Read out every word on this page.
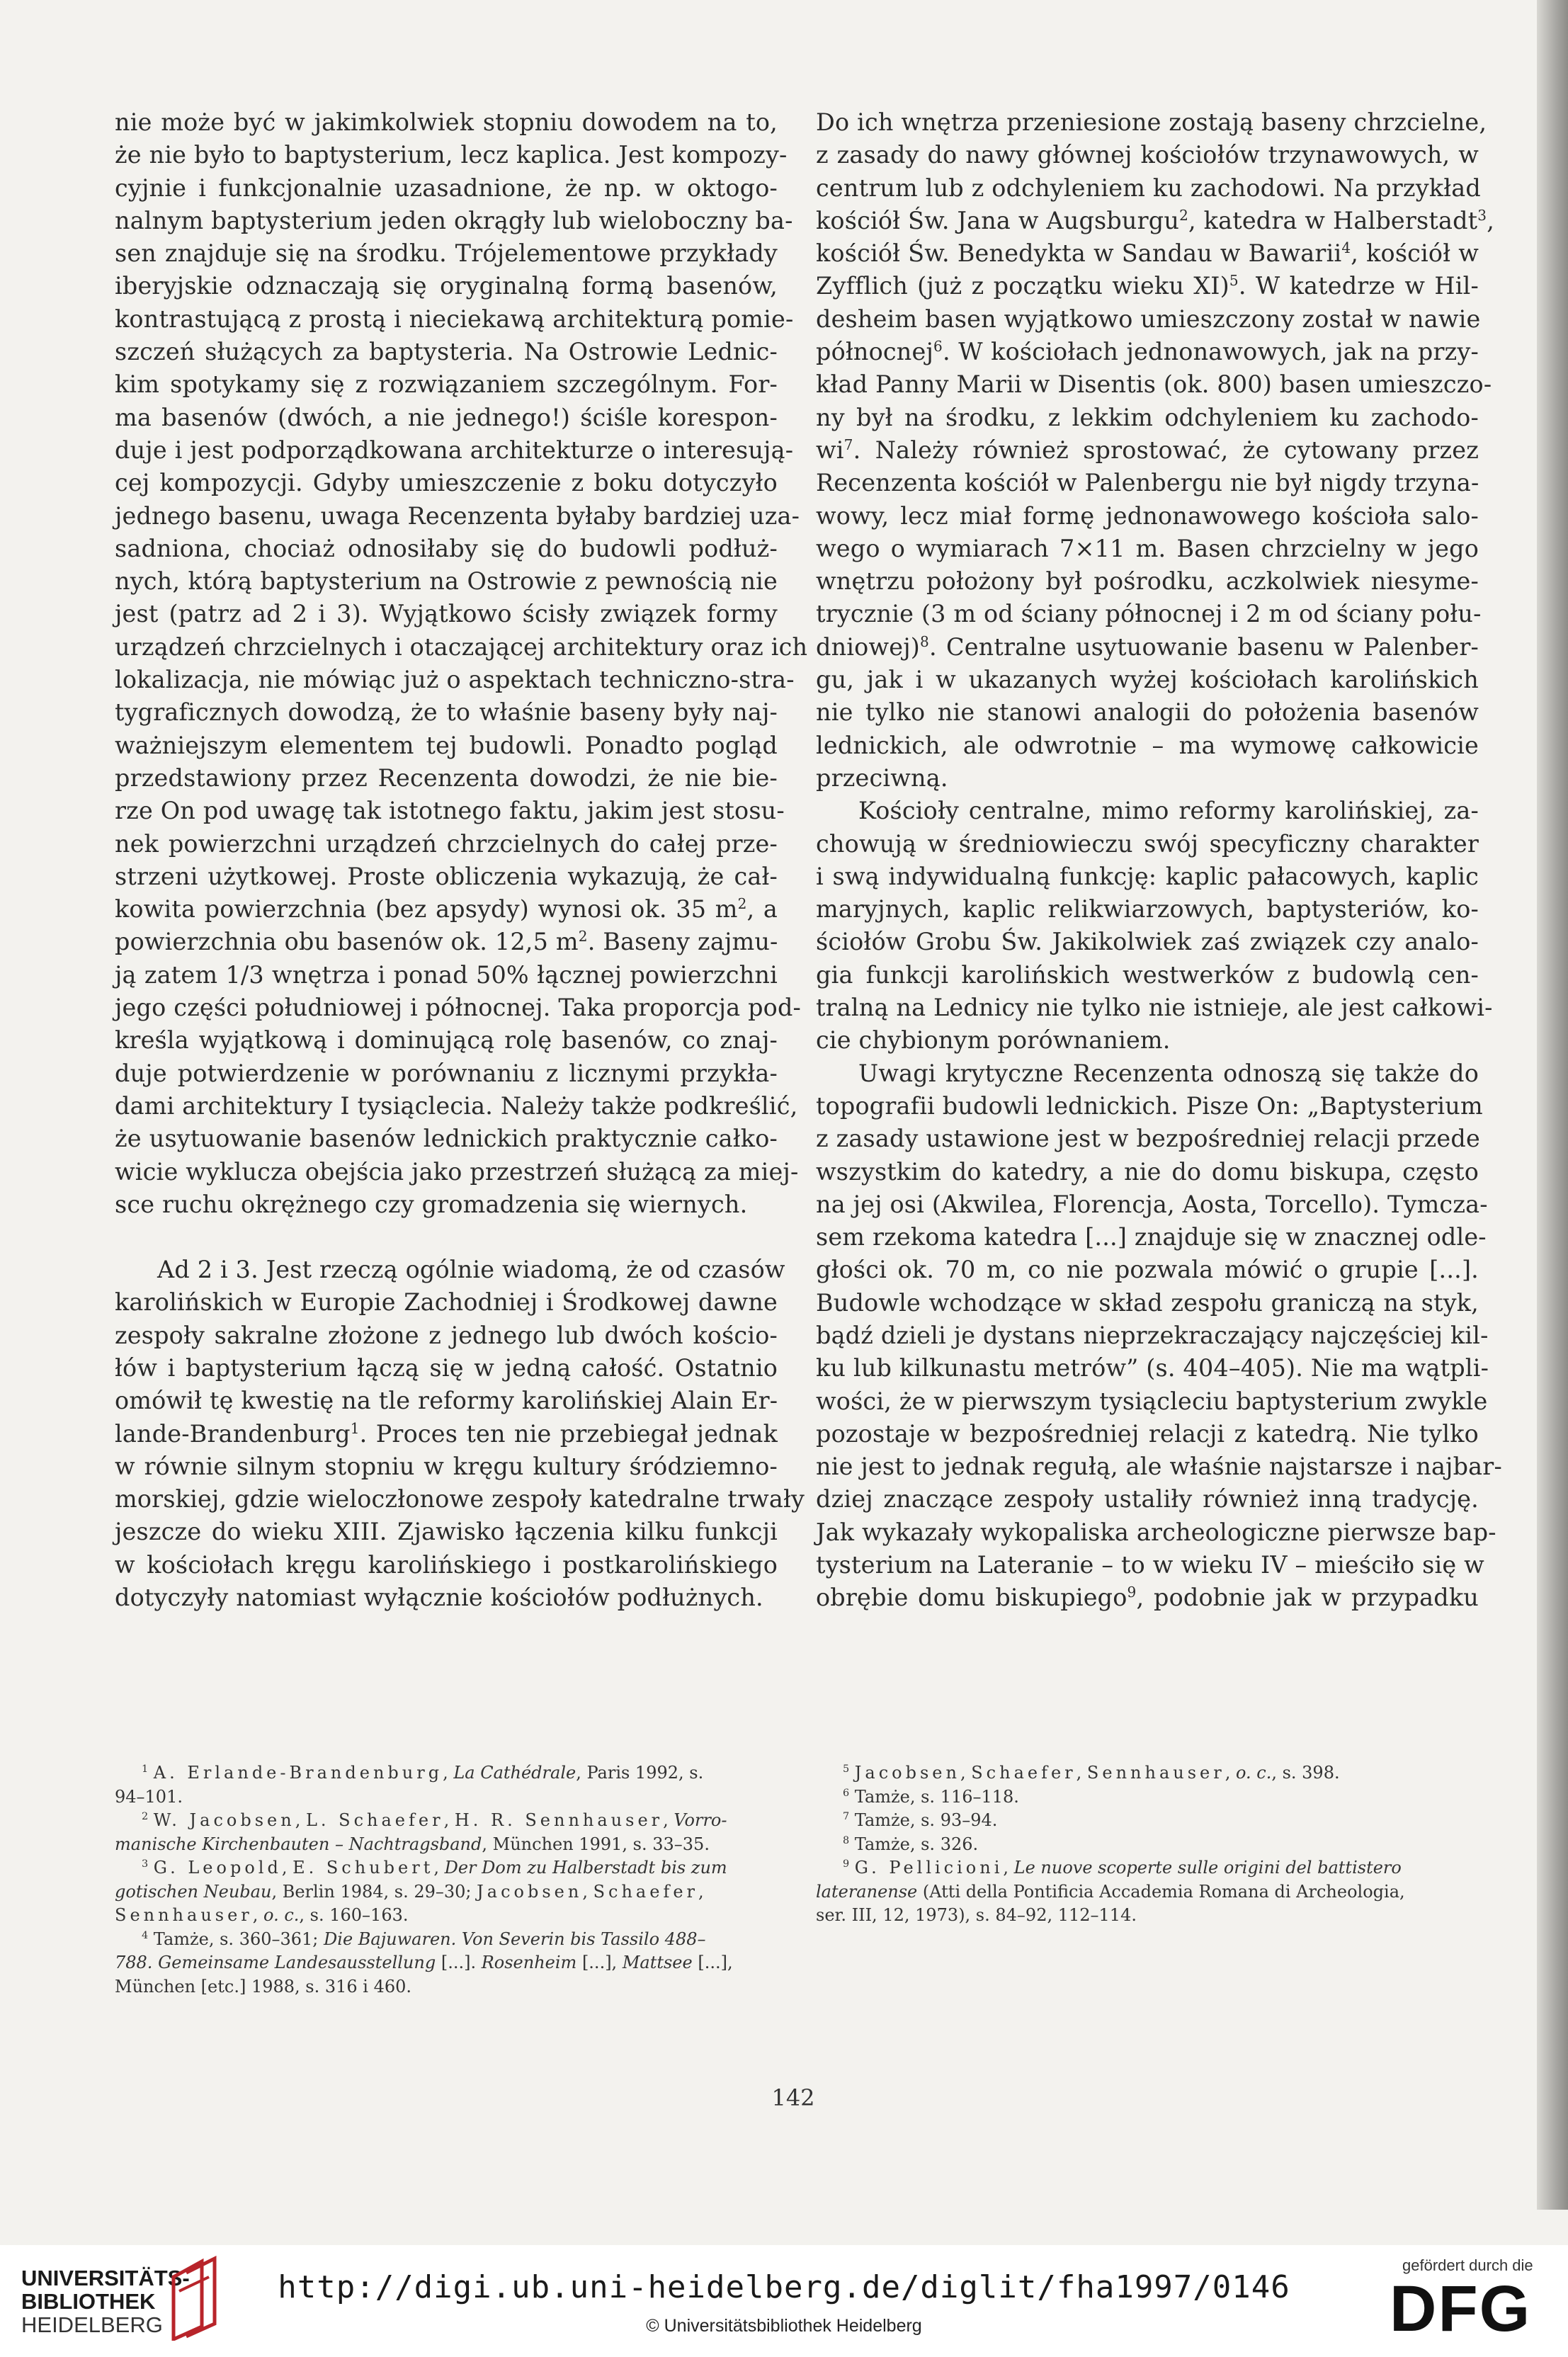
nie może być w jakimkolwiek stopniu dowodem na to,
że nie było to baptysterium, lecz kaplica. Jest kompozy-
cyjnie i funkcjonalnie uzasadnione, że np. w oktogo-
nalnym baptysterium jeden okrągły lub wieloboczny ba-
sen znajduje się na środku. Trójelementowe przykłady
iberyjskie odznaczają się oryginalną formą basenów,
kontrastującą z prostą i nieciekawą architekturą pomie-
szczeń służących za baptysteria. Na Ostrowie Lednic-
kim spotykamy się z rozwiązaniem szczególnym. For-
ma basenów (dwóch, a nie jednego!) ściśle korespon-
duje i jest podporządkowana architekturze o interesują-
cej kompozycji. Gdyby umieszczenie z boku dotyczyło
jednego basenu, uwaga Recenzenta byłaby bardziej uza-
sadniona, chociaż odnosiłaby się do budowli podłuż-
nych, którą baptysterium na Ostrowie z pewnością nie
jest (patrz ad 2 i 3). Wyjątkowo ścisły związek formy
urządzeń chrzcielnych i otaczającej architektury oraz ich
lokalizacja, nie mówiąc już o aspektach techniczno-stra-
tygraficznych dowodzą, że to właśnie baseny były naj-
ważniejszym elementem tej budowli. Ponadto pogląd
przedstawiony przez Recenzenta dowodzi, że nie bie-
rze On pod uwagę tak istotnego faktu, jakim jest stosu-
nek powierzchni urządzeń chrzcielnych do całej prze-
strzeni użytkowej. Proste obliczenia wykazują, że cał-
kowita powierzchnia (bez apsydy) wynosi ok. 35 $m^2$, a
powierzchnia obu basenów ok. 12,5 $m^2$. Baseny zajmu-
ją zatem 1/3 wnętrza i ponad 50% łącznej powierzchni
jego części południowej i północnej. Taka proporcja pod-
kreśla wyjątkową i dominującą rolę basenów, co znaj-
duje potwierdzenie w porównaniu z licznymi przykła-
dami architektury I tysiąclecia. Należy także podkreślić,
że usytuowanie basenów lednickich praktycznie całko-
wicie wyklucza obejścia jako przestrzeń służącą za miej-
sce ruchu okrężnego czy gromadzenia się wiernych.
Ad 2 i 3. Jest rzeczą ogólnie wiadomą, że od czasów
karolińskich w Europie Zachodniej i Środkowej dawne
zespoły sakralne złożone z jednego lub dwóch kościo-
łów i baptysterium łączą się w jedną całość. Ostatnio
omówił tę kwestię na tle reformy karolińskiej Alain Er-
lande-Brandenburg$^1$. Proces ten nie przebiegał jednak
w równie silnym stopniu w kręgu kultury śródziemno-
morskiej, gdzie wieloczłonowe zespoły katedralne trwały
jeszcze do wieku XIII. Zjawisko łączenia kilku funkcji
w kościołach kręgu karolińskiego i postkarolińskiego
dotyczyły natomiast wyłącznie kościołów podłużnych.
Do ich wnętrza przeniesione zostają baseny chrzcielne,
z zasady do nawy głównej kościołów trzynawowych, w
centrum lub z odchyleniem ku zachodowi. Na przykład
kościół Św. Jana w Augsburgu$^2$, katedra w Halberstadt$^3$,
kościół Św. Benedykta w Sandau w Bawarii$^4$, kościół w
Zyfflich (już z początku wieku XI)$^5$. W katedrze w Hil-
desheim basen wyjątkowo umieszczony został w nawie
północnej$^6$. W kościołach jednonawowych, jak na przy-
kład Panny Marii w Disentis (ok. 800) basen umieszczo-
ny był na środku, z lekkim odchyleniem ku zachodo-
$wi^7$. Należy również sprostować, że cytowany przez
Recenzenta kościół w Palenbergu nie był nigdy trzyna-
wowy, lecz miał formę jednonawowego kościoła salo-
wego o wymiarach 7×11 m. Basen chrzcielny w jego
wnętrzu położony był pośrodku, aczkolwiek niesyme-
trycznie (3 m od ściany północnej i 2 m od ściany połu-
dniowej)$^8$. Centralne usytuowanie basenu w Palenber-
gu, jak i w ukazanych wyżej kościołach karolińskich
nie tylko nie stanowi analogii do położenia basenów
lednickich, ale odwrotnie – ma wymowę całkowicie
przeciwną.
Kościoły centralne, mimo reformy karolińskiej, za-
chowują w średniowieczu swój specyficzny charakter
i swą indywidualną funkcję: kaplic pałacowych, kaplic
maryjnych, kaplic relikwiarzowych, baptysteriów, ko-
ściołów Grobu Św. Jakikolwiek zaś związek czy analo-
gia funkcji karolińskich westwerków z budowlą cen-
tralną na Lednicy nie tylko nie istnieje, ale jest całkowi-
cie chybionym porównaniem.
Uwagi krytyczne Recenzenta odnoszą się także do
topografii budowli lednickich. Pisze On: „Baptysterium
z zasady ustawione jest w bezpośredniej relacji przede
wszystkim do katedry, a nie do domu biskupa, często
na jej osi (Akwilea, Florencja, Aosta, Torcello). Tymcza-
sem rzekoma katedra [...] znajduje się w znacznej odle-
głości ok. 70 m, co nie pozwala mówić o grupie [...].
Budowle wchodzące w skład zespołu graniczą na styk,
bądź dzieli je dystans nieprzekraczający najczęściej kil-
ku lub kilkunastu metrów” (s. 404–405). Nie ma wątpli-
wości, że w pierwszym tysiącleciu baptysterium zwykle
pozostaje w bezpośredniej relacji z katedrą. Nie tylko
nie jest to jednak regułą, ale właśnie najstarsze i najbar-
dziej znaczące zespoły ustaliły również inną tradycję.
Jak wykazały wykopaliska archeologiczne pierwsze bap-
tysterium na Lateranie – to w wieku IV – mieściło się w
obrębie domu biskupiego$^9$, podobnie jak w przypadku
$^1$ A. Erlande-Brandenburg, La Cathédrale, Paris 1992, s.
94–101.
$^2$ W. Jacobsen, L. Schaefer, H. R. Sennhauser, Vorro-
manische Kirchenbauten – Nachtragsband, München 1991, s. 33–35.
$^3$ G. Leopold, E. Schubert, Der Dom zu Halberstadt bis zum
gotischen Neubau, Berlin 1984, s. 29–30; Jacobsen, Schaefer,
Sennhauser, o. c., s. 160–163.
$^4$ Tamże, s. 360–361; Die Bajuwaren. Von Severin bis Tassilo 488–
788. Gemeinsame Landesausstellung [...]. Rosenheim [...], Mattsee [...],
München [etc.] 1988, s. 316 i 460.
$^5$ Jacobsen, Schaefer, Sennhauser, o. c., s. 398.
$^6$ Tamże, s. 116–118.
$^7$ Tamże, s. 93–94.
$^8$ Tamże, s. 326.
$^9$ G. Pellicioni, Le nuove scoperte sulle origini del battistero
lateranense (Atti della Pontificia Accademia Romana di Archeologia,
ser. III, 12, 1973), s. 84–92, 112–114.
142
UNIVERSITÄTS-
BIBLIOTHEK
HEIDELBERG
http://digi.ub.uni-heidelberg.de/diglit/fha1997/0146
© Universitätsbibliothek Heidelberg
gefördert durch die
DFG
